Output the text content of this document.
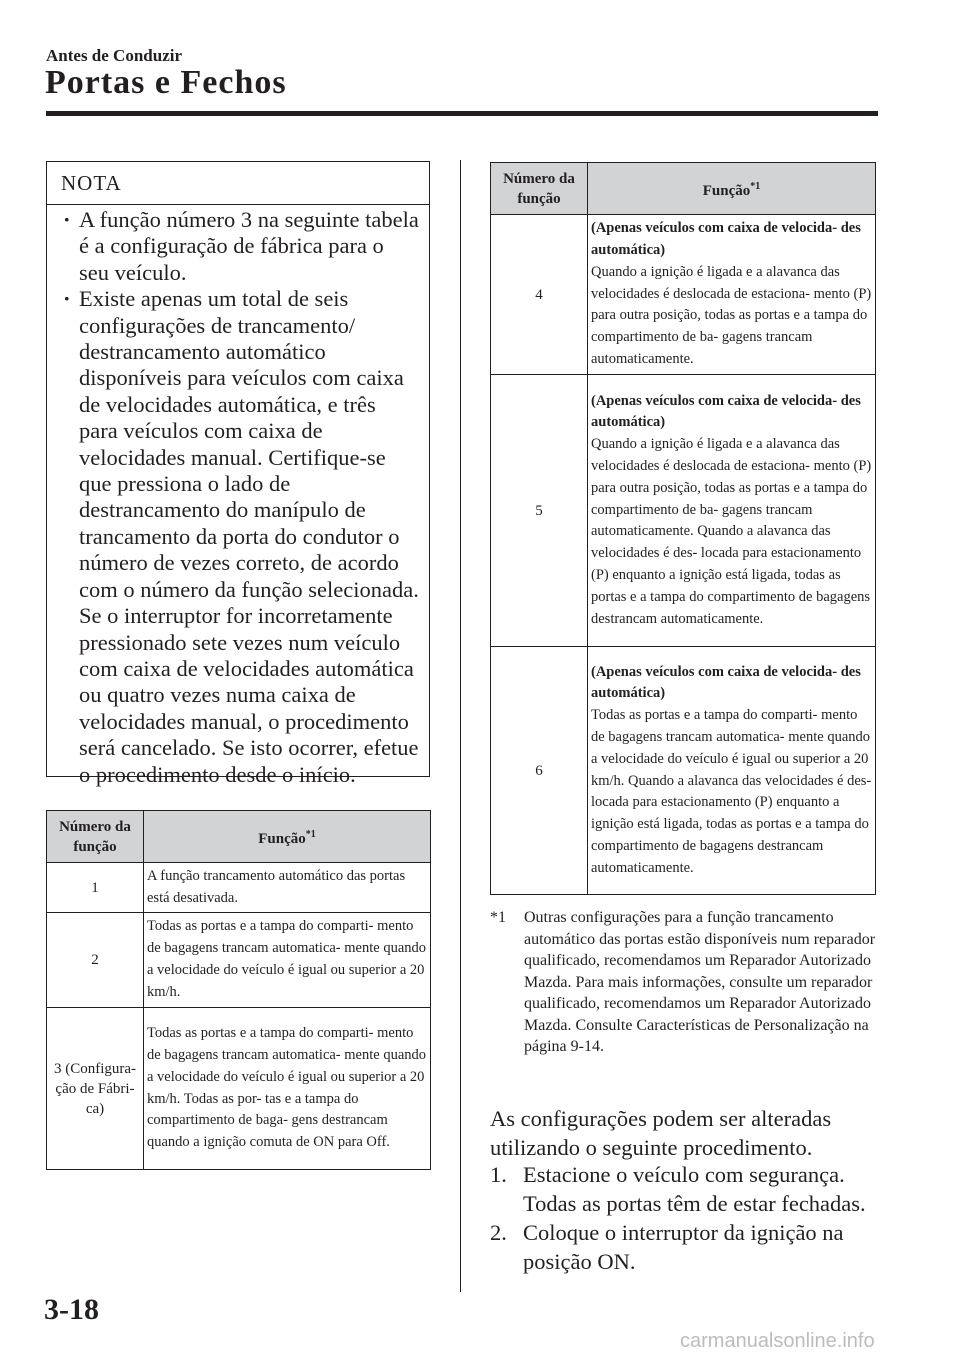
Antes de Conduzir
Portas e Fechos
NOTA
· A função número 3 na seguinte tabela é a configuração de fábrica para o seu veículo.
· Existe apenas um total de seis configurações de trancamento/ destrancamento automático disponíveis para veículos com caixa de velocidades automática, e três para veículos com caixa de velocidades manual. Certifique-se que pressiona o lado de destrancamento do manípulo de trancamento da porta do condutor o número de vezes correto, de acordo com o número da função selecionada. Se o interruptor for incorretamente pressionado sete vezes num veículo com caixa de velocidades automática ou quatro vezes numa caixa de velocidades manual, o procedimento será cancelado. Se isto ocorrer, efetue o procedimento desde o início.
Número da função	Função$^{*1}$
1	A função trancamento automático das portas está desativada.
2	Todas as portas e a tampa do comparti- mento de bagagens trancam automatica- mente quando a velocidade do veículo é igual ou superior a 20 km/h.
3 (Configura- ção de Fábri- ca)	Todas as portas e a tampa do comparti- mento de bagagens trancam automatica- mente quando a velocidade do veículo é igual ou superior a 20 km/h. Todas as por- tas e a tampa do compartimento de baga- gens destrancam quando a ignição comuta de ON para Off.
Número da função	Função$^{*1}$
4	(Apenas veículos com caixa de velocida- des automática)
Quando a ignição é ligada e a alavanca das velocidades é deslocada de estaciona- mento (P) para outra posição, todas as portas e a tampa do compartimento de ba- gagens trancam automaticamente.

5	(Apenas veículos com caixa de velocida- des automática)
Quando a ignição é ligada e a alavanca das velocidades é deslocada de estaciona- mento (P) para outra posição, todas as portas e a tampa do compartimento de ba- gagens trancam automaticamente. Quando a alavanca das velocidades é des- locada para estacionamento (P) enquanto a ignição está ligada, todas as portas e a tampa do compartimento de bagagens destrancam automaticamente.

6	(Apenas veículos com caixa de velocida- des automática)
Todas as portas e a tampa do comparti- mento de bagagens trancam automatica- mente quando a velocidade do veículo é igual ou superior a 20 km/h. Quando a alavanca das velocidades é des- locada para estacionamento (P) enquanto a ignição está ligada, todas as portas e a tampa do compartimento de bagagens destrancam automaticamente.
*1	Outras configurações para a função trancamento automático das portas estão disponíveis num reparador qualificado, recomendamos um Reparador Autorizado Mazda. Para mais informações, consulte um reparador qualificado, recomendamos um Reparador Autorizado Mazda. Consulte Características de Personalização na página 9-14.
As configurações podem ser alteradas utilizando o seguinte procedimento.
1. Estacione o veículo com segurança. Todas as portas têm de estar fechadas.
2. Coloque o interruptor da ignição na posição ON.
3-18
carmanualsonline.info
